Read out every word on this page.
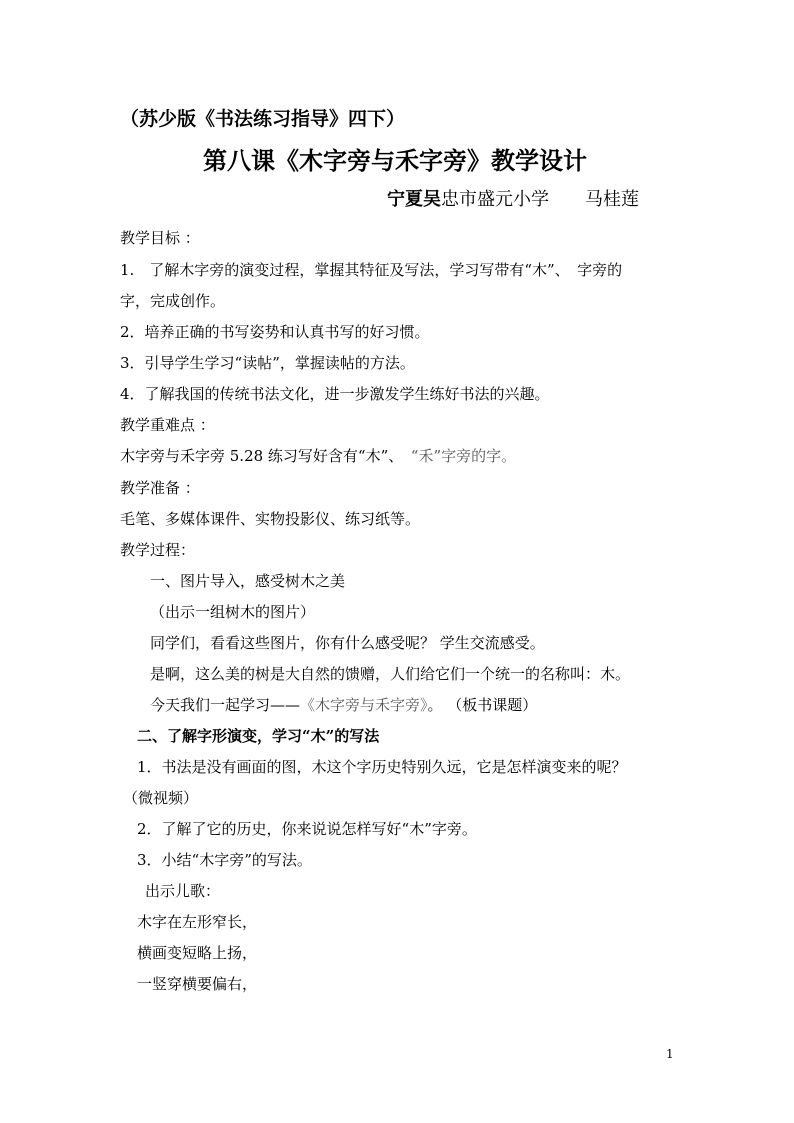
（苏少版《书法练习指导》四下）
第八课《木字旁与禾字旁》教学设计
宁夏吴忠市盛元小学 马桂莲
教学目标 ：
1.　了解木字旁的演变过程，掌握其特征及写法，学习写带有“木”、　字旁的
字，完成创作。
2．培养正确的书写姿势和认真书写的好习惯。
3．引导学生学习“读帖”，掌握读帖的方法。
4．了解我国的传统书法文化，进一步激发学生练好书法的兴趣。
教学重难点 ：
木字旁与禾字旁 5.28 练习写好含有“木”、　“禾”字旁的字。
教学准备 ：
毛笔、多媒体课件、实物投影仪、练习纸等。
教学过程：
一、图片导入，感受树木之美
（出示一组树木的图片）
同学们，看看这些图片，你有什么感受呢？ 学生交流感受。
是啊，这么美的树是大自然的馈赠，人们给它们一个统一的名称叫：木。
今天我们一起学习——《木字旁与禾字旁》。 （板书课题）
二、了解字形演变，学习“木”的写法
1．书法是没有画面的图，木这个字历史特别久远，它是怎样演变来的呢？
（微视频）
2．了解了它的历史，你来说说怎样写好“木”字旁。
3．小结“木字旁”的写法。
出示儿歌：
木字在左形窄长，
横画变短略上扬，
一竖穿横要偏右，
1
